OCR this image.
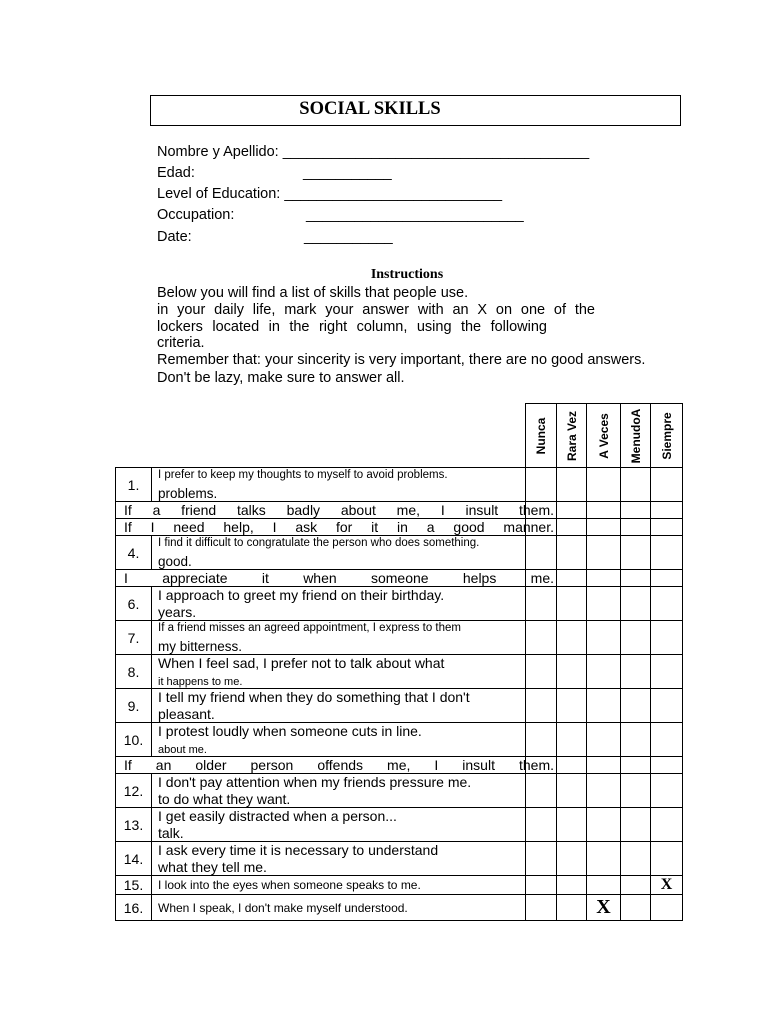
SOCIAL SKILLS
Nombre y Apellido: ______________________________________
Edad:	___________
Level of Education: ___________________________
Occupation:	___________________________
Date:	___________
Instructions
Below you will find a list of skills that people use.
in your daily life, mark your answer with an X on one of the
lockers located in the right column, using the following
criteria.
Remember that: your sincerity is very important, there are no good answers.
Don't be lazy, make sure to answer all.

		Nunca	Rara Vez	A Veces	MenudoA	Siempre

1.	I prefer to keep my thoughts to myself to avoid problems.
problems.					

If a friend talks badly about me, I insult them.						

If I need help, I ask for it in a good manner.						

4.	I find it difficult to congratulate the person who does something.
good.					

I appreciate it when someone helps me.						

6.	I approach to greet my friend on their birthday.
years.					

7.	If a friend misses an agreed appointment, I express to them
my bitterness.					

8.	When I feel sad, I prefer not to talk about what
it happens to me.					

9.	I tell my friend when they do something that I don't
pleasant.					

10.	I protest loudly when someone cuts in line.
about me.					

If an older person offends me, I insult them.						

12.	I don't pay attention when my friends pressure me.
to do what they want.					

13.	I get easily distracted when a person...
talk.					

14.	I ask every time it is necessary to understand
what they tell me.					

15.	I look into the eyes when someone speaks to me.					X
16.	When I speak, I don't make myself understood.			X		
